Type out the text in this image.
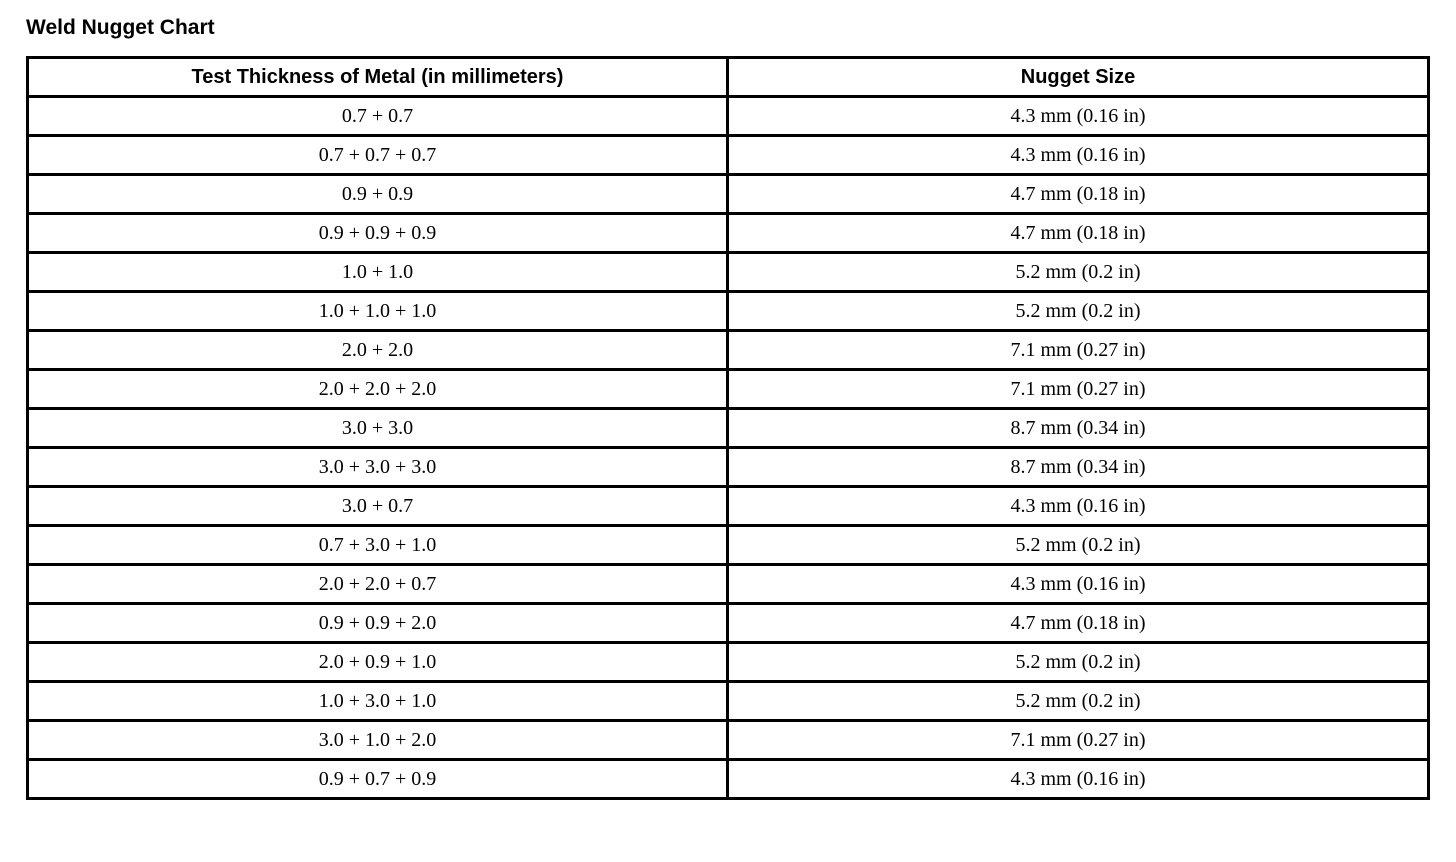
Weld Nugget Chart
Test Thickness of Metal (in millimeters)	Nugget Size
0.7 + 0.7	4.3 mm (0.16 in)
0.7 + 0.7 + 0.7	4.3 mm (0.16 in)
0.9 + 0.9	4.7 mm (0.18 in)
0.9 + 0.9 + 0.9	4.7 mm (0.18 in)
1.0 + 1.0	5.2 mm (0.2 in)
1.0 + 1.0 + 1.0	5.2 mm (0.2 in)
2.0 + 2.0	7.1 mm (0.27 in)
2.0 + 2.0 + 2.0	7.1 mm (0.27 in)
3.0 + 3.0	8.7 mm (0.34 in)
3.0 + 3.0 + 3.0	8.7 mm (0.34 in)
3.0 + 0.7	4.3 mm (0.16 in)
0.7 + 3.0 + 1.0	5.2 mm (0.2 in)
2.0 + 2.0 + 0.7	4.3 mm (0.16 in)
0.9 + 0.9 + 2.0	4.7 mm (0.18 in)
2.0 + 0.9 + 1.0	5.2 mm (0.2 in)
1.0 + 3.0 + 1.0	5.2 mm (0.2 in)
3.0 + 1.0 + 2.0	7.1 mm (0.27 in)
0.9 + 0.7 + 0.9	4.3 mm (0.16 in)
